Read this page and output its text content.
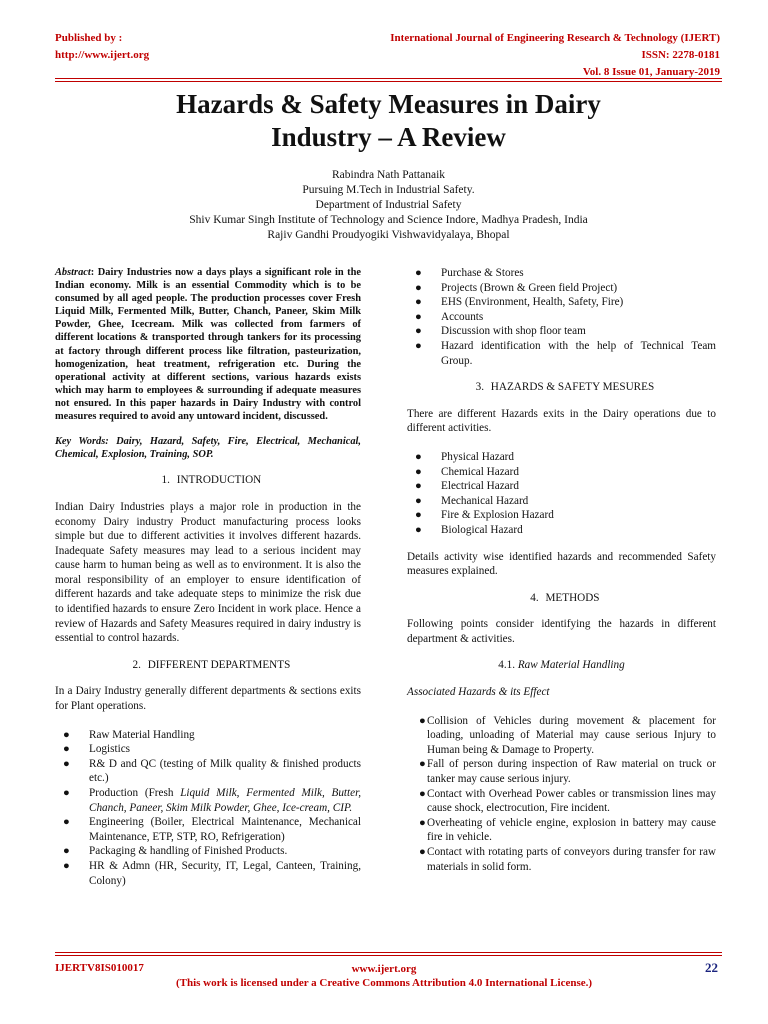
Published by :
http://www.ijert.org
International Journal of Engineering Research & Technology (IJERT)
ISSN: 2278-0181
Vol. 8 Issue 01, January-2019
Hazards & Safety Measures in Dairy
Industry – A Review
Rabindra Nath Pattanaik
Pursuing M.Tech in Industrial Safety.
Department of Industrial Safety
Shiv Kumar Singh Institute of Technology and Science Indore, Madhya Pradesh, India
Rajiv Gandhi Proudyogiki Vishwavidyalaya, Bhopal

Abstract: Dairy Industries now a days plays a significant role in the Indian economy. Milk is an essential Commodity which is to be consumed by all aged people. The production processes cover Fresh Liquid Milk, Fermented Milk, Butter, Chanch, Paneer, Skim Milk Powder, Ghee, Icecream. Milk was collected from farmers of different locations & transported through tankers for its processing at factory through different process like filtration, pasteurization, homogenization, heat treatment, refrigeration etc. During the operational activity at different sections, various hazards exists which may harm to employees & surrounding if adequate measures not ensured. In this paper hazards in Dairy Industry with control measures required to avoid any untoward incident, discussed.

Key Words: Dairy, Hazard, Safety, Fire, Electrical, Mechanical, Chemical, Explosion, Training, SOP.

1. INTRODUCTION

Indian Dairy Industries plays a major role in production in the economy Dairy industry Product manufacturing process looks simple but due to different activities it involves different hazards. Inadequate Safety measures may lead to a serious incident may cause harm to human being as well as to environment. It is also the moral responsibility of an employer to ensure identification of different hazards and take adequate steps to minimize the risk due to identified hazards to ensure Zero Incident in work place. Hence a review of Hazards and Safety Measures required in dairy industry is essential to control hazards.

2. DIFFERENT DEPARTMENTS

In a Dairy Industry generally different departments & sections exits for Plant operations.

● Raw Material Handling
● Logistics
● R& D and QC (testing of Milk quality & finished products etc.)
● Production (Fresh Liquid Milk, Fermented Milk, Butter, Chanch, Paneer, Skim Milk Powder, Ghee, Ice-cream, CIP.
● Engineering (Boiler, Electrical Maintenance, Mechanical Maintenance, ETP, STP, RO, Refrigeration)
● Packaging & handling of Finished Products.
● HR & Admn (HR, Security, IT, Legal, Canteen, Training, Colony)
● Purchase & Stores
● Projects (Brown & Green field Project)
● EHS (Environment, Health, Safety, Fire)
● Accounts
● Discussion with shop floor team
● Hazard identification with the help of Technical Team Group.

3. HAZARDS & SAFETY MESURES

There are different Hazards exits in the Dairy operations due to different activities.

● Physical Hazard
● Chemical Hazard
● Electrical Hazard
● Mechanical Hazard
● Fire & Explosion Hazard
● Biological Hazard

Details activity wise identified hazards and recommended Safety measures explained.

4. METHODS

Following points consider identifying the hazards in different department & activities.

4.1. Raw Material Handling

Associated Hazards & its Effect

● Collision of Vehicles during movement & placement for loading, unloading of Material may cause serious Injury to Human being & Damage to Property.
● Fall of person during inspection of Raw material on truck or tanker may cause serious injury.
● Contact with Overhead Power cables or transmission lines may cause shock, electrocution, Fire incident.
● Overheating of vehicle engine, explosion in battery may cause fire in vehicle.
● Contact with rotating parts of conveyors during transfer for raw materials in solid form.
IJERTV8IS010017	www.ijert.org
(This work is licensed under a Creative Commons Attribution 4.0 International License.)
22
